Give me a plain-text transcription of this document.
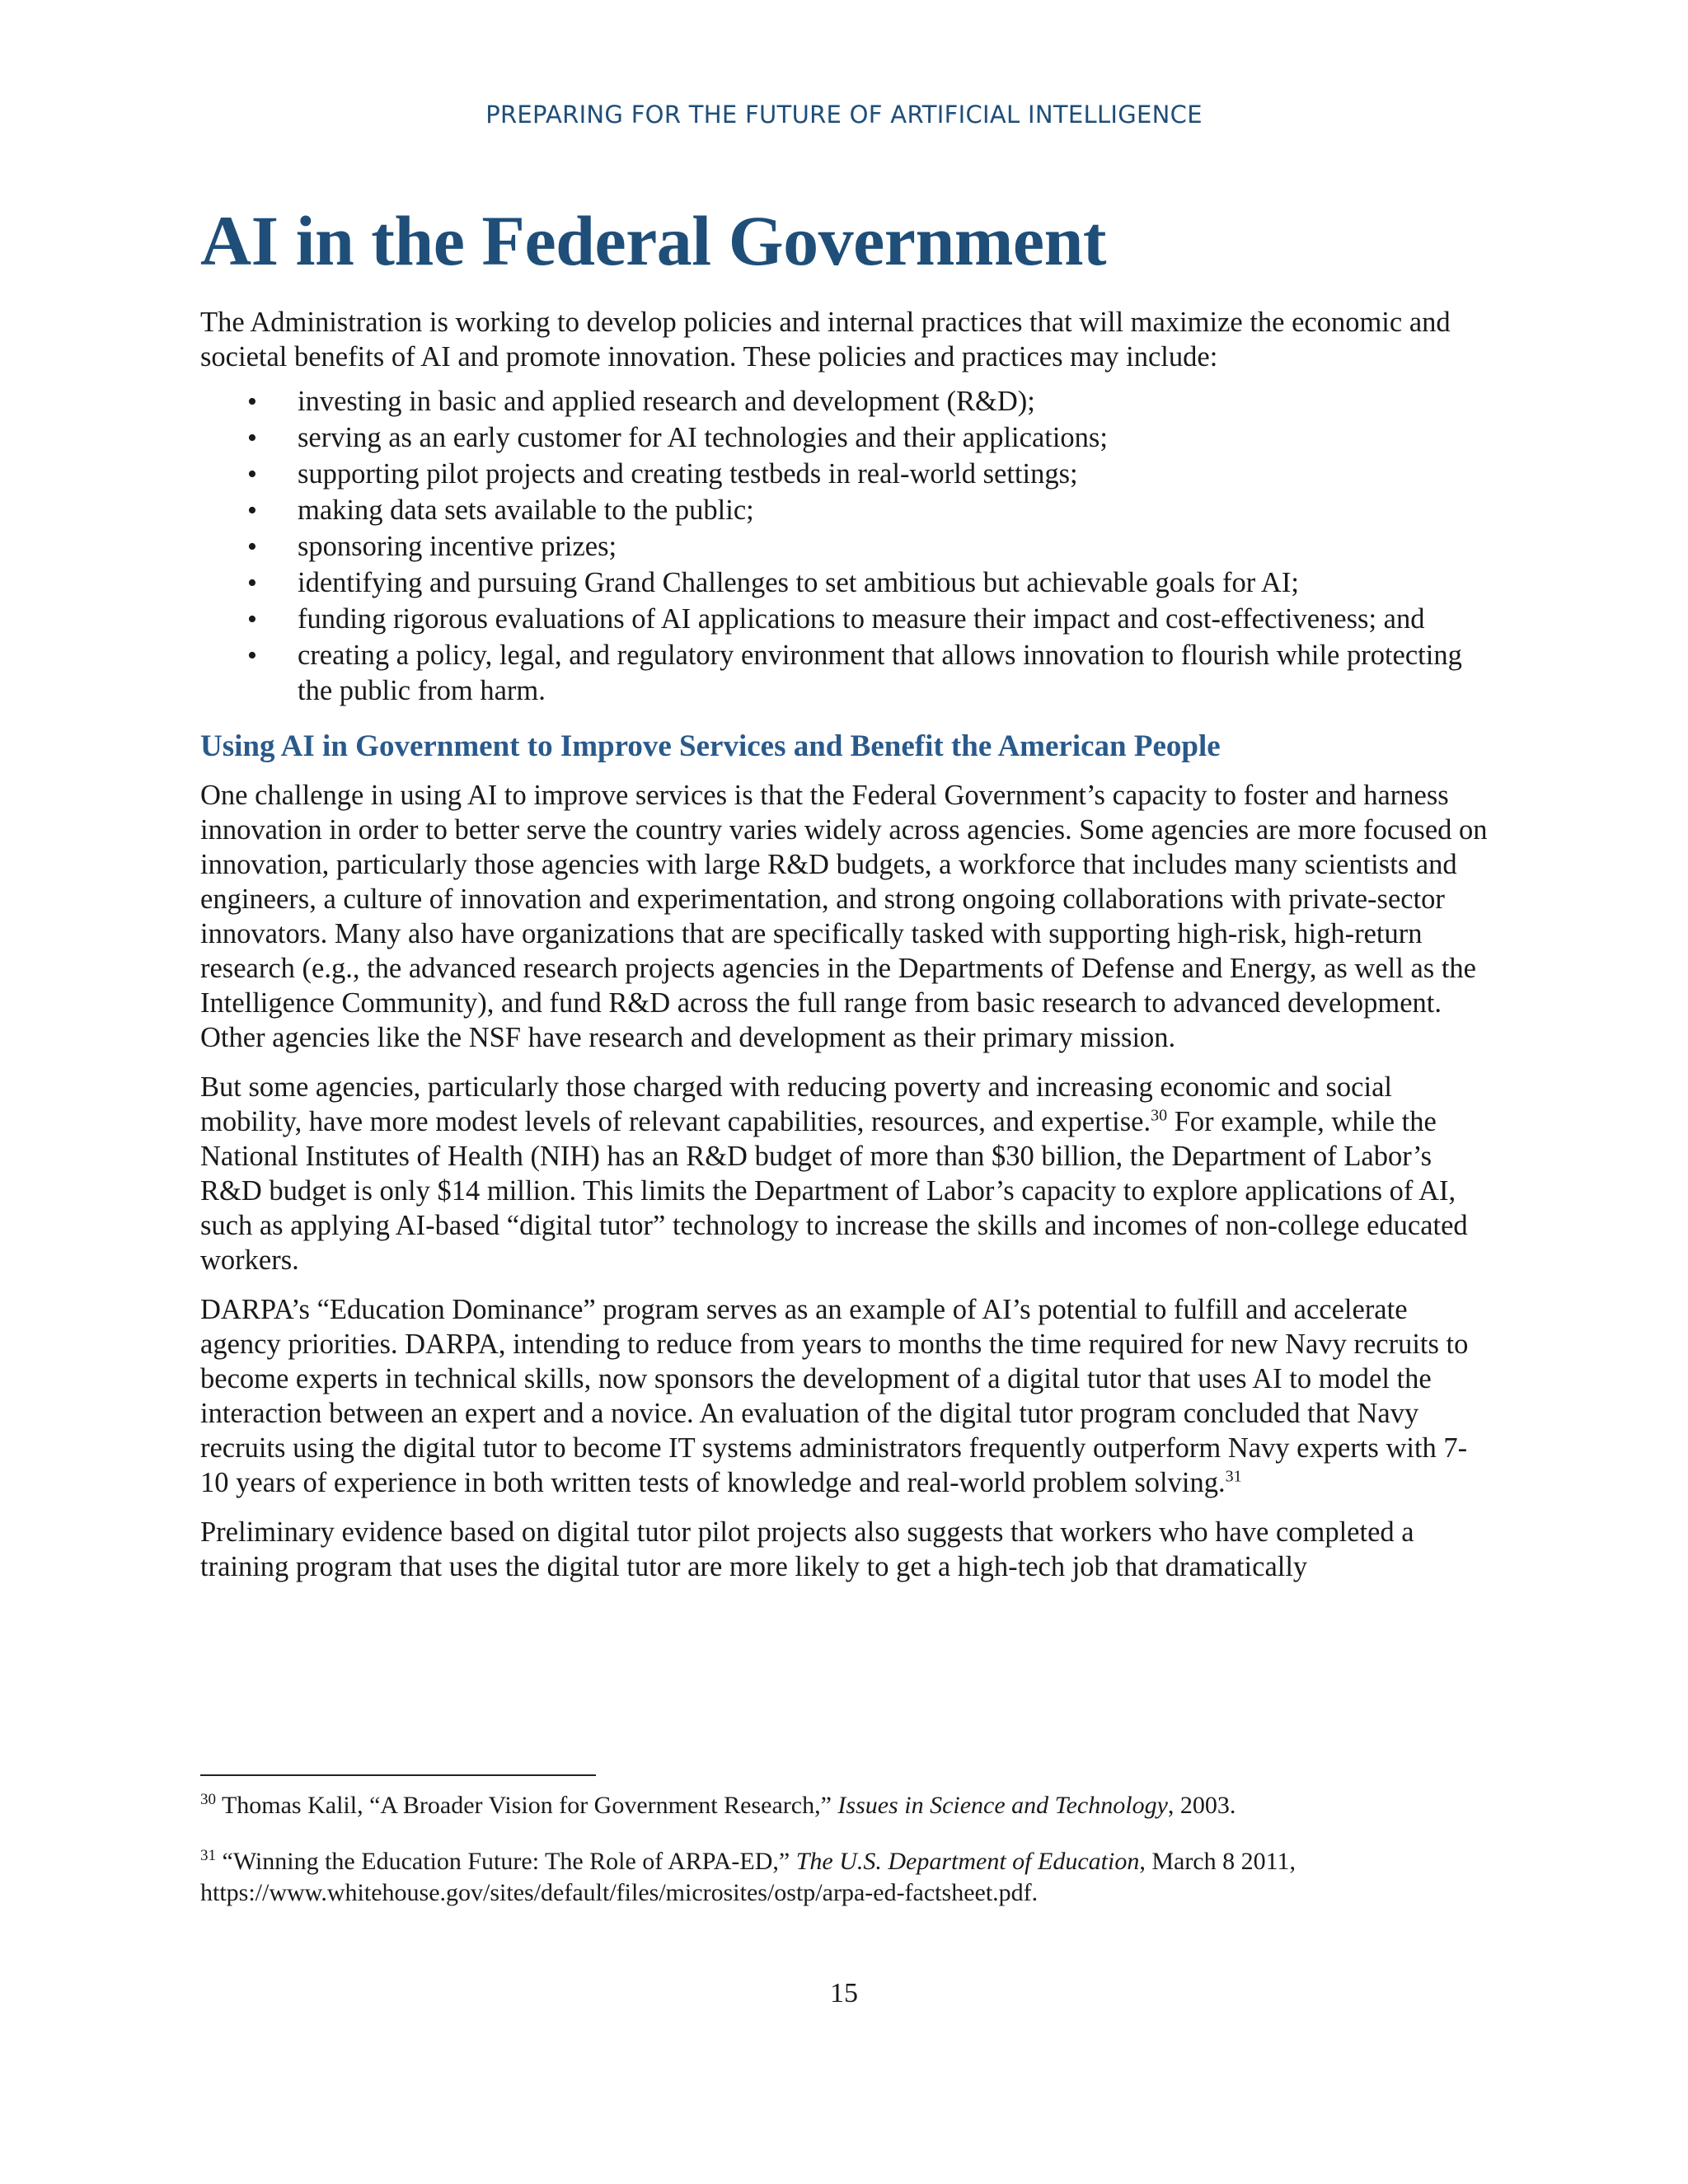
PREPARING FOR THE FUTURE OF ARTIFICIAL INTELLIGENCE
AI in the Federal Government

The Administration is working to develop policies and internal practices that will maximize the economic and societal benefits of AI and promote innovation. These policies and practices may include:

• investing in basic and applied research and development (R&D);
• serving as an early customer for AI technologies and their applications;
• supporting pilot projects and creating testbeds in real-world settings;
• making data sets available to the public;
• sponsoring incentive prizes;
• identifying and pursuing Grand Challenges to set ambitious but achievable goals for AI;
• funding rigorous evaluations of AI applications to measure their impact and cost-effectiveness; and
• creating a policy, legal, and regulatory environment that allows innovation to flourish while protecting the public from harm.
Using AI in Government to Improve Services and Benefit the American People

One challenge in using AI to improve services is that the Federal Government’s capacity to foster and harness innovation in order to better serve the country varies widely across agencies. Some agencies are more focused on innovation, particularly those agencies with large R&D budgets, a workforce that includes many scientists and engineers, a culture of innovation and experimentation, and strong ongoing collaborations with private-sector innovators. Many also have organizations that are specifically tasked with supporting high-risk, high-return research (e.g., the advanced research projects agencies in the Departments of Defense and Energy, as well as the Intelligence Community), and fund R&D across the full range from basic research to advanced development. Other agencies like the NSF have research and development as their primary mission.

But some agencies, particularly those charged with reducing poverty and increasing economic and social mobility, have more modest levels of relevant capabilities, resources, and expertise.$^{30}$ For example, while the National Institutes of Health (NIH) has an R&D budget of more than $30 billion, the Department of Labor’s R&D budget is only $14 million. This limits the Department of Labor’s capacity to explore applications of AI, such as applying AI-based “digital tutor” technology to increase the skills and incomes of non-college educated workers.

DARPA’s “Education Dominance” program serves as an example of AI’s potential to fulfill and accelerate agency priorities. DARPA, intending to reduce from years to months the time required for new Navy recruits to become experts in technical skills, now sponsors the development of a digital tutor that uses AI to model the interaction between an expert and a novice. An evaluation of the digital tutor program concluded that Navy recruits using the digital tutor to become IT systems administrators frequently outperform Navy experts with 7-10 years of experience in both written tests of knowledge and real-world problem solving.$^{31}$

Preliminary evidence based on digital tutor pilot projects also suggests that workers who have completed a training program that uses the digital tutor are more likely to get a high-tech job that dramatically

$^{30}$ Thomas Kalil, “A Broader Vision for Government Research,” Issues in Science and Technology, 2003.

$^{31}$ “Winning the Education Future: The Role of ARPA-ED,” The U.S. Department of Education, March 8 2011, https://www.whitehouse.gov/sites/default/files/microsites/ostp/arpa-ed-factsheet.pdf.

15
